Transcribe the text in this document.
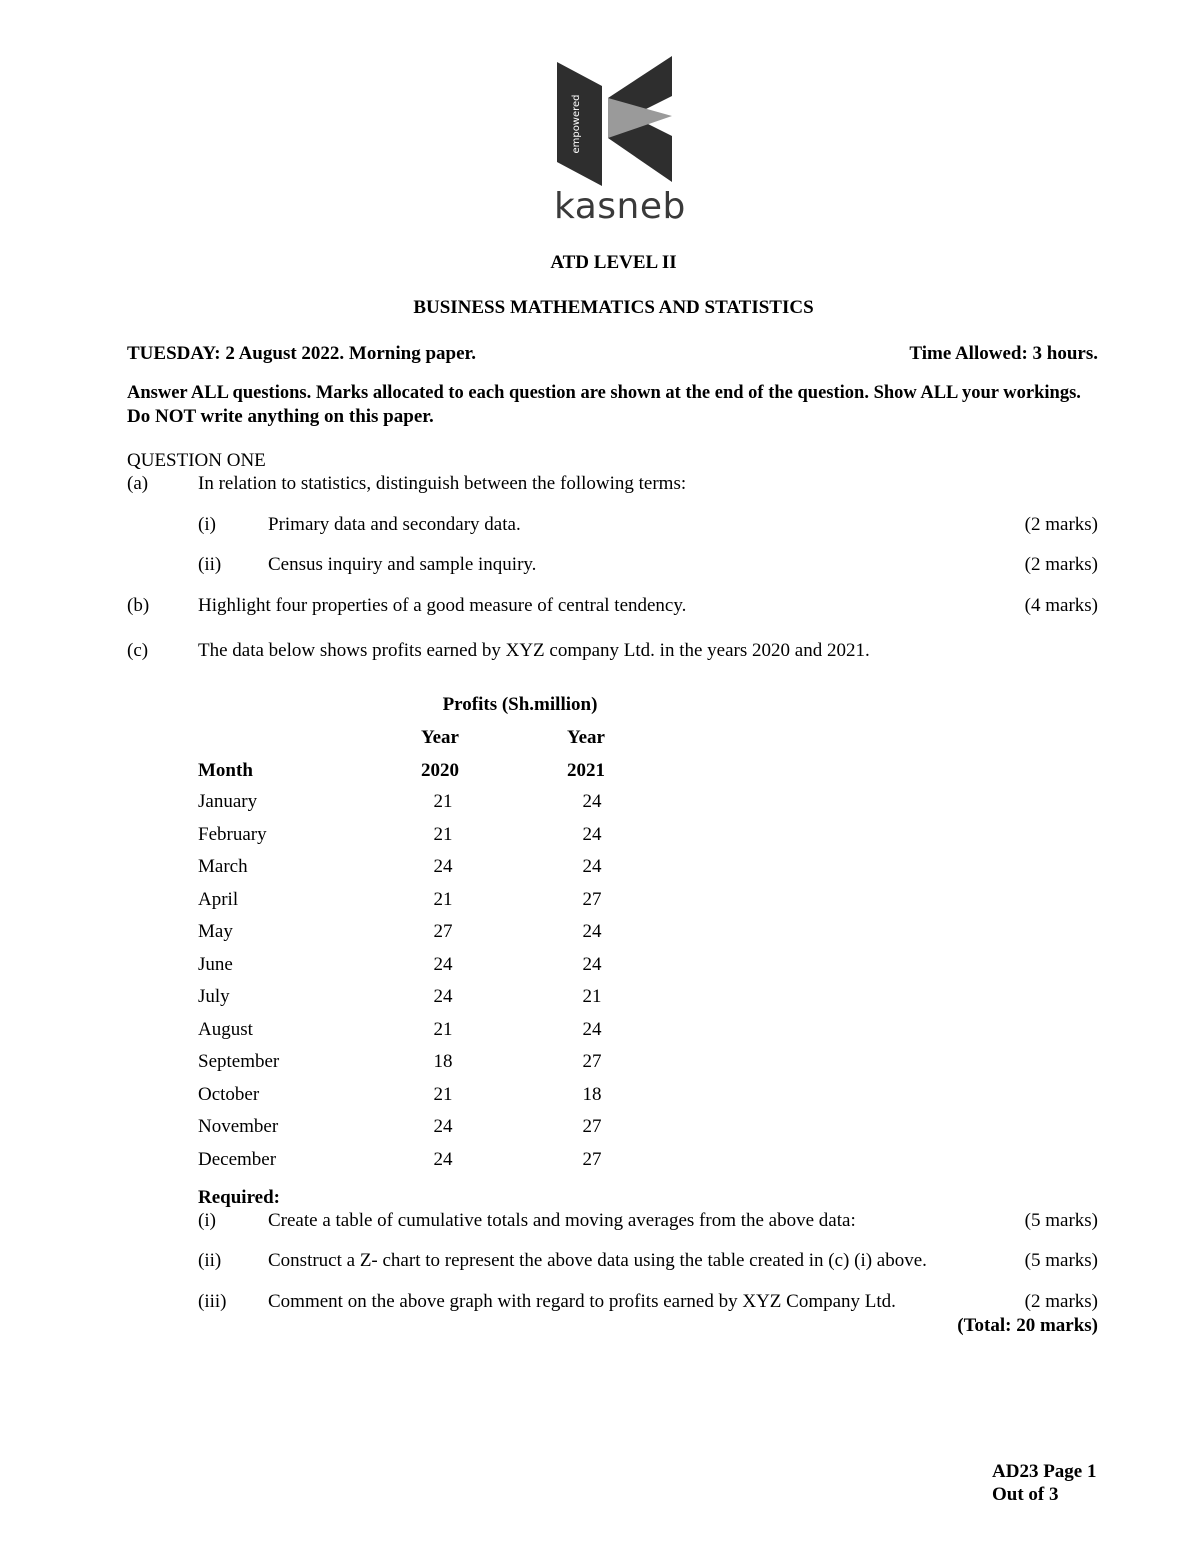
empowered
kasneb
ATD LEVEL II
BUSINESS MATHEMATICS AND STATISTICS
TUESDAY: 2 August 2022. Morning paper.	Time Allowed: 3 hours.
Answer ALL questions. Marks allocated to each question are shown at the end of the question. Show ALL your workings.
Do NOT write anything on this paper.
QUESTION ONE
(a)	In relation to statistics, distinguish between the following terms:
(i)	Primary data and secondary data.	(2 marks)
(ii) Census inquiry and sample inquiry.	(2 marks)
(b)	Highlight four properties of a good measure of central tendency.	(4 marks)
(c)	The data below shows profits earned by XYZ company Ltd. in the years 2020 and 2021.
Profits (Sh.million)
Year	Year
Month	2020	2021
January	21	24
February	21	24
March	24	24
April	21	27
May	27	24
June	24	24
July	24	21
August	21	24
September	18	27
October	21	18
November	24	27
December	24	27
Required:
(i)	Create a table of cumulative totals and moving averages from the above data:	(5 marks)
(ii) Construct a Z- chart to represent the above data using the table created in (c) (i) above.	(5 marks)
(iii) Comment on the above graph with regard to profits earned by XYZ Company Ltd.	(2 marks)
(Total: 20 marks)
AD23 Page 1
Out of 3
